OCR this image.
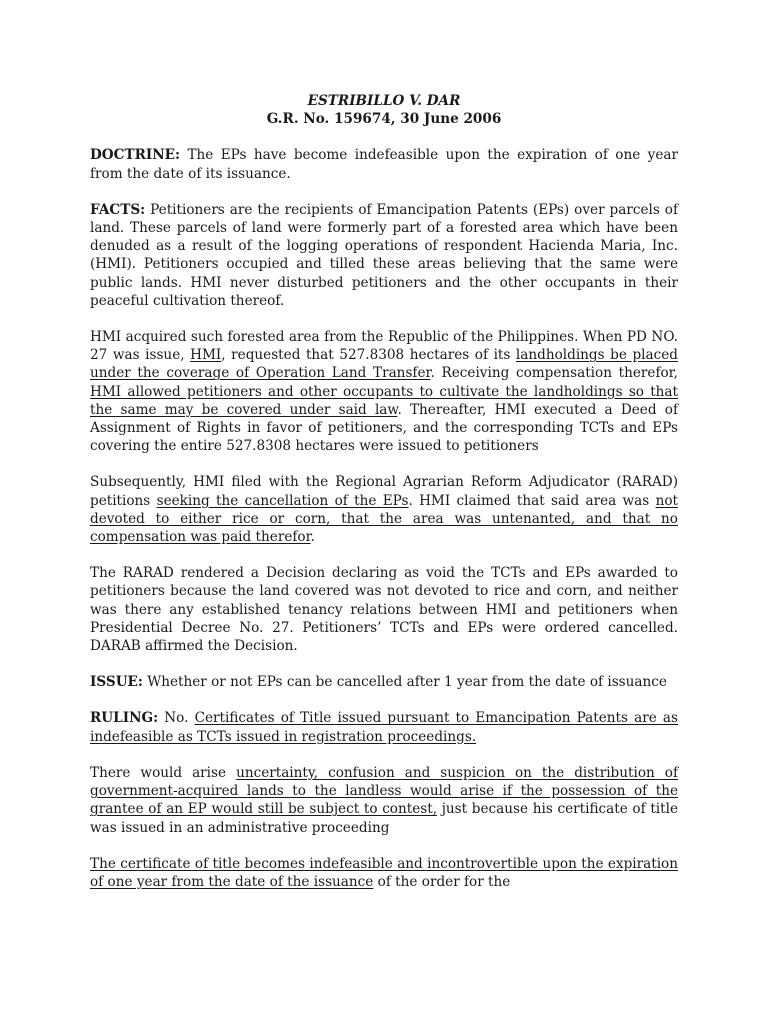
ESTRIBILLO V. DAR

G.R. No. 159674, 30 June 2006

DOCTRINE: The EPs have become indefeasible upon the expiration of one year from the date of its issuance.

FACTS: Petitioners are the recipients of Emancipation Patents (EPs) over parcels of land. These parcels of land were formerly part of a forested area which have been denuded as a result of the logging operations of respondent Hacienda Maria, Inc. (HMI). Petitioners occupied and tilled these areas believing that the same were public lands. HMI never disturbed petitioners and the other occupants in their peaceful cultivation thereof.

HMI acquired such forested area from the Republic of the Philippines. When PD NO. 27 was issue, HMI, requested that 527.8308 hectares of its landholdings be placed under the coverage of Operation Land Transfer. Receiving compensation therefor, HMI allowed petitioners and other occupants to cultivate the landholdings so that the same may be covered under said law. Thereafter, HMI executed a Deed of Assignment of Rights in favor of petitioners, and the corresponding TCTs and EPs covering the entire 527.8308 hectares were issued to petitioners

Subsequently, HMI filed with the Regional Agrarian Reform Adjudicator (RARAD) petitions seeking the cancellation of the EPs. HMI claimed that said area was not devoted to either rice or corn, that the area was untenanted, and that no compensation was paid therefor.

The RARAD rendered a Decision declaring as void the TCTs and EPs awarded to petitioners because the land covered was not devoted to rice and corn, and neither was there any established tenancy relations between HMI and petitioners when Presidential Decree No. 27. Petitioners’ TCTs and EPs were ordered cancelled. DARAB affirmed the Decision.

ISSUE: Whether or not EPs can be cancelled after 1 year from the date of issuance

RULING: No. Certificates of Title issued pursuant to Emancipation Patents are as indefeasible as TCTs issued in registration proceedings.

There would arise uncertainty, confusion and suspicion on the distribution of government-acquired lands to the landless would arise if the possession of the grantee of an EP would still be subject to contest, just because his certificate of title was issued in an administrative proceeding

The certificate of title becomes indefeasible and incontrovertible upon the expiration of one year from the date of the issuance of the order for the
